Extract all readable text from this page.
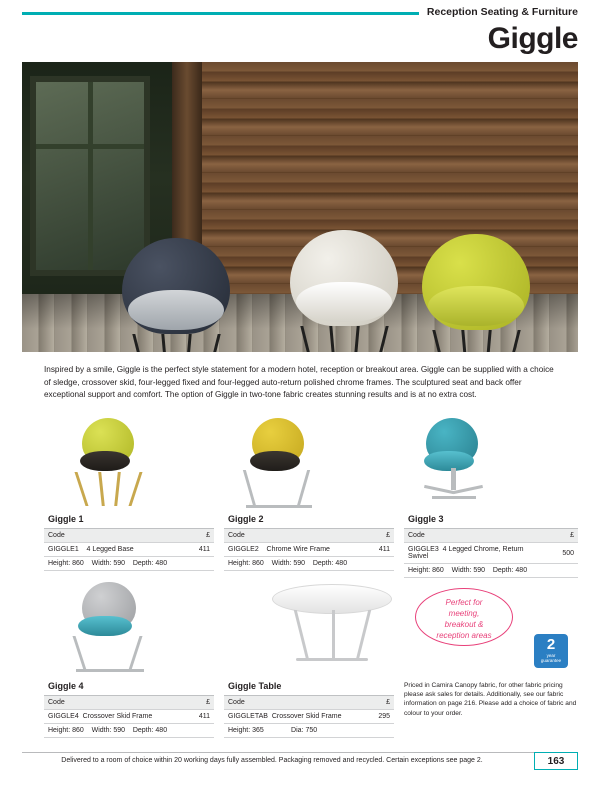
Reception Seating & Furniture
Giggle
Inspired by a smile, Giggle is the perfect style statement for a modern hotel, reception or breakout area. Giggle can be supplied with a choice of sledge, crossover skid, four-legged fixed and four-legged auto-return polished chrome frames. The sculptured seat and back offer exceptional support and comfort. The option of Giggle in two-tone fabric creates stunning results and is at no extra cost.
Giggle 1
Code	£
GIGGLE1 4 Legged Base	411
Height: 860 Width: 590 Depth: 480	
Giggle 2
Code	£
GIGGLE2 Chrome Wire Frame	411
Height: 860 Width: 590 Depth: 480	
Giggle 3
Code	£
GIGGLE3 4 Legged Chrome, Return Swivel	500
Height: 860 Width: 590 Depth: 480	
Perfect for
meeting,
breakout &
reception areas
2
year
guarantee
Giggle 4
Code	£
GIGGLE4 Crossover Skid Frame	411
Height: 860 Width: 590 Depth: 480	
Giggle Table
Code	£
GIGGLETAB Crossover Skid Frame	295
Height: 365 Dia: 750	
Priced in Camira Canopy fabric, for other fabric pricing please ask sales for details. Additionally, see our fabric information on page 216. Please add a choice of fabric and colour to your order.
Delivered to a room of choice within 20 working days fully assembled. Packaging removed and recycled. Certain exceptions see page 2.	163
